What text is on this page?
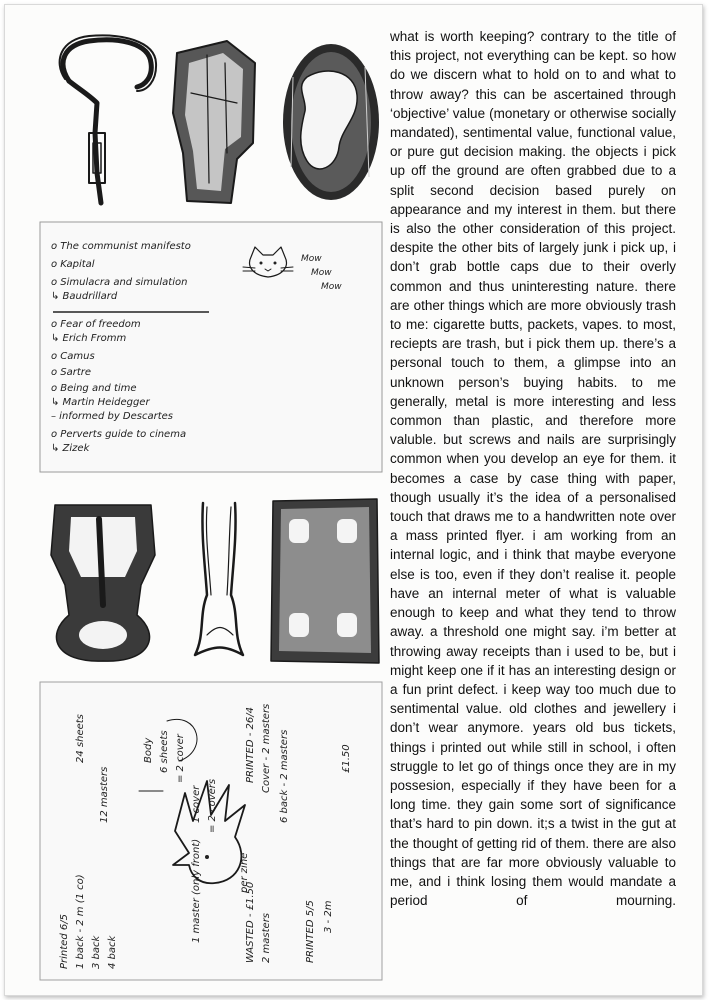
o The communist manifesto
o Kapital
o Simulacra and simulation
↳ Baudrillard
o Fear of freedom
↳ Erich Fromm
o Camus
o Sartre
o Being and time
↳ Martin Heidegger
– informed by Descartes
o Perverts guide to cinema
↳ Zizek
Mow
Mow
Mow
Printed 6/5 1 back - 2 m (1 co) 3 back 4 back
12 masters
24 sheets	Body 6 sheets = 2 cover
1 cover = 2 covers
1 master (only front)	per zine
WASTED - £1.50 2 masters
PRINTED - 26/4 Cover - 2 masters 6 back - 2 masters
PRINTED 5/5 3 - 2m
£1.50
what is worth keeping? contrary to the title of this project, not everything can be kept. so how do we discern what to hold on to and what to throw away? this can be ascertained through ‘objective’ value (monetary or otherwise socially mandated), sentimental value, functional value, or pure gut decision making. the objects i pick up off the ground are often grabbed due to a split second decision based purely on appearance and my interest in them. but there is also the other consideration of this project. despite the other bits of largely junk i pick up, i don’t grab bottle caps due to their overly common and thus uninteresting nature. there are other things which are more obviously trash to me: cigarette butts, packets, vapes. to most, reciepts are trash, but i pick them up. there’s a personal touch to them, a glimpse into an unknown person’s buying habits. to me generally, metal is more interesting and less common than plastic, and therefore more valuble. but screws and nails are surprisingly common when you develop an eye for them. it becomes a case by case thing with paper, though usually it’s the idea of a personalised touch that draws me to a handwritten note over a mass printed flyer. i am working from an internal logic, and i think that maybe everyone else is too, even if they don’t realise it. people have an internal meter of what is valuable enough to keep and what they tend to throw away. a threshold one might say. i’m better at throwing away receipts than i used to be, but i might keep one if it has an interesting design or a fun print defect. i keep way too much due to sentimental value. old clothes and jewellery i don’t wear anymore. years old bus tickets, things i printed out while still in school, i often struggle to let go of things once they are in my possesion, especially if they have been for a long time. they gain some sort of significance that’s hard to pin down. it;s a twist in the gut at the thought of getting rid of them. there are also things that are far more obviously valuable to me, and i think losing them would mandate a period of mourning.
